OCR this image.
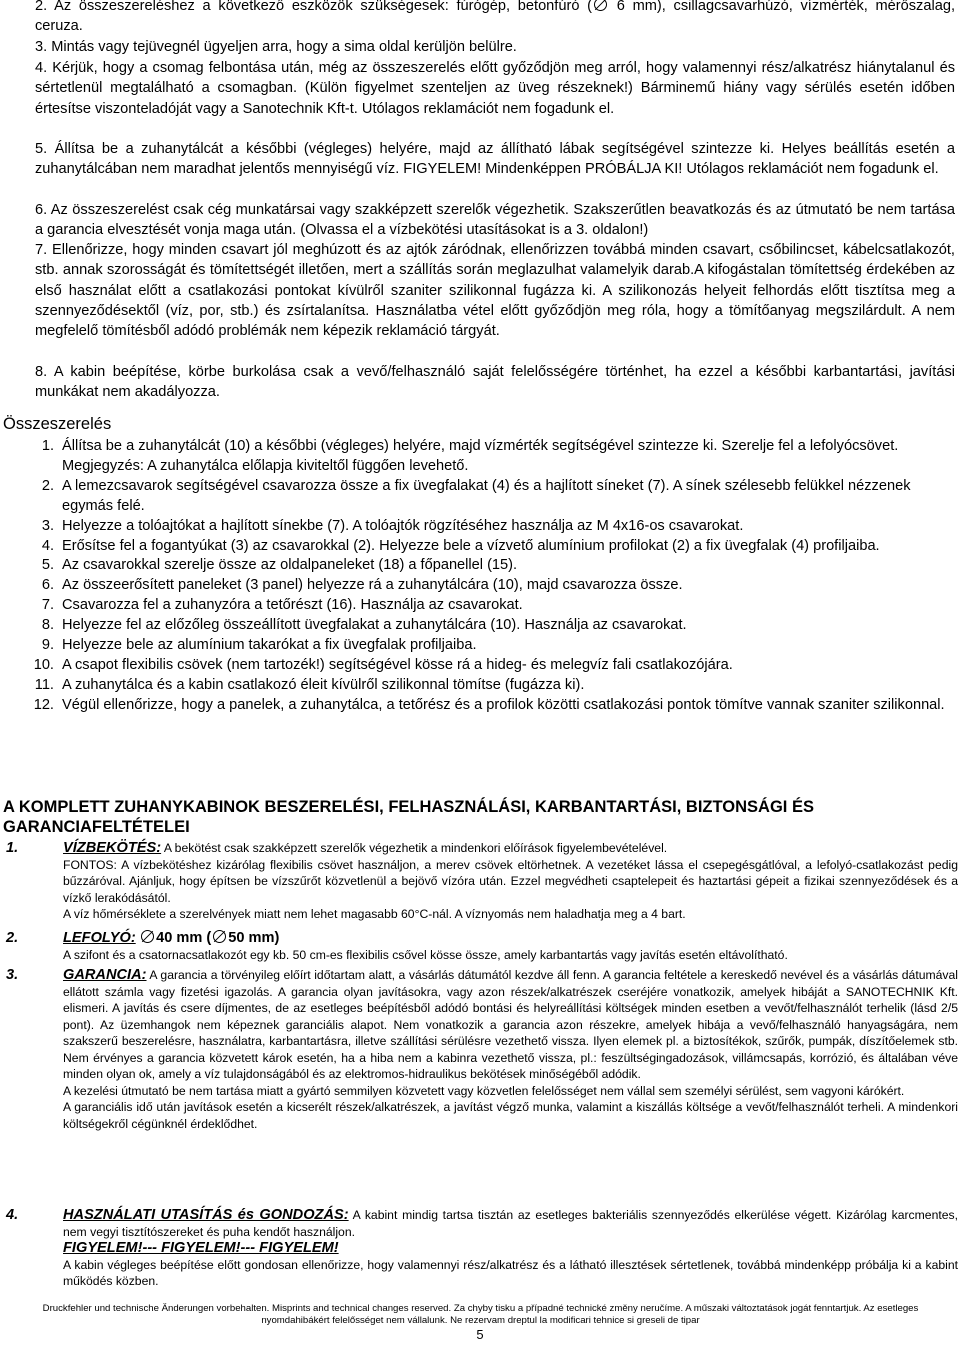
2. Az összeszereléshez a következő eszközök szükségesek: fúrógép, betonfúró ( 6 mm), csillagcsavarhúzó, vízmérték, mérőszalag, ceruza.

3. Mintás vagy tejüvegnél ügyeljen arra, hogy a sima oldal kerüljön belülre.

4. Kérjük, hogy a csomag felbontása után, még az összeszerelés előtt győződjön meg arról, hogy valamennyi rész/alkatrész hiánytalanul és sértetlenül megtalálható a csomagban. (Külön figyelmet szenteljen az üveg részeknek!) Bárminemű hiány vagy sérülés esetén időben értesítse viszonteladóját vagy a Sanotechnik Kft-t. Utólagos reklamációt nem fogadunk el.

5. Állítsa be a zuhanytálcát a későbbi (végleges) helyére, majd az állítható lábak segítségével szintezze ki. Helyes beállítás esetén a zuhanytálcában nem maradhat jelentős mennyiségű víz. FIGYELEM! Mindenképpen PRÓBÁLJA KI! Utólagos reklamációt nem fogadunk el.

6. Az összeszerelést csak cég munkatársai vagy szakképzett szerelők végezhetik. Szakszerűtlen beavatkozás és az útmutató be nem tartása a garancia elvesztését vonja maga után. (Olvassa el a vízbekötési utasításokat is a 3. oldalon!)

7. Ellenőrizze, hogy minden csavart jól meghúzott és az ajtók záródnak, ellenőrizzen továbbá minden csavart, csőbilincset, kábelcsatlakozót, stb. annak szorosságát és tömítettségét illetően, mert a szállítás során meglazulhat valamelyik darab.A kifogástalan tömítettség érdekében az első használat előtt a csatlakozási pontokat kívülről szaniter szilikonnal fugázza ki. A szilikonozás helyeit felhordás előtt tisztítsa meg a szennyeződésektől (víz, por, stb.) és zsírtalanítsa. Használatba vétel előtt győződjön meg róla, hogy a tömítőanyag megszilárdult. A nem megfelelő tömítésből adódó problémák nem képezik reklamáció tárgyát.

8. A kabin beépítése, körbe burkolása csak a vevő/felhasználó saját felelősségére történhet, ha ezzel a későbbi karbantartási, javítási munkákat nem akadályozza.

Összeszerelés
1. Állítsa be a zuhanytálcát (10) a későbbi (végleges) helyére, majd vízmérték segítségével szintezze ki. Szerelje fel a lefolyócsövet.
Megjegyzés: A zuhanytálca előlapja kiviteltől függően levehető.
2. A lemezcsavarok segítségével csavarozza össze a fix üvegfalakat (4) és a hajlított síneket (7). A sínek szélesebb felükkel nézzenek egymás felé.
3. Helyezze a tolóajtókat a hajlított sínekbe (7). A tolóajtók rögzítéséhez használja az M 4x16-os csavarokat.
4. Erősítse fel a fogantyúkat (3) az csavarokkal (2). Helyezze bele a vízvető alumínium profilokat (2) a fix üvegfalak (4) profiljaiba.
5. Az csavarokkal szerelje össze az oldalpaneleket (18) a főpanellel (15).
6. Az összeerősített paneleket (3 panel) helyezze rá a zuhanytálcára (10), majd csavarozza össze.
7. Csavarozza fel a zuhanyzóra a tetőrészt (16). Használja az csavarokat.
8. Helyezze fel az előzőleg összeállított üvegfalakat a zuhanytálcára (10). Használja az csavarokat.
9. Helyezze bele az alumínium takarókat a fix üvegfalak profiljaiba.
10. A csapot flexibilis csövek (nem tartozék!) segítségével kösse rá a hideg- és melegvíz fali csatlakozójára.
11. A zuhanytálca és a kabin csatlakozó éleit kívülről szilikonnal tömítse (fugázza ki).
12. Végül ellenőrizze, hogy a panelek, a zuhanytálca, a tetőrész és a profilok közötti csatlakozási pontok tömítve vannak szaniter szilikonnal.
A KOMPLETT ZUHANYKABINOK BESZERELÉSI, FELHASZNÁLÁSI, KARBANTARTÁSI, BIZTONSÁGI ÉS GARANCIAFELTÉTELEI
1.	VÍZBEKÖTÉS: A bekötést csak szakképzett szerelők végezhetik a mindenkori előírások figyelembevételével.
FONTOS: A vízbekötéshez kizárólag flexibilis csövet használjon, a merev csövek eltörhetnek. A vezetéket lássa el csepegésgátlóval, a lefolyó-csatlakozást pedig bűzzáróval. Ajánljuk, hogy építsen be vízszűrőt közvetlenül a bejövő vízóra után. Ezzel megvédheti csaptelepeit és haztartási gépeit a fizikai szennyeződések és a vízkő lerakódásától.
A víz hőmérséklete a szerelvények miatt nem lehet magasabb 60°C-nál. A víznyomás nem haladhatja meg a 4 bart.
2.	LEFOLYÓ: 40 mm ( 50 mm)
A szifont és a csatornacsatlakozót egy kb. 50 cm-es flexibilis csővel kösse össze, amely karbantartás vagy javítás esetén eltávolítható.
3.	GARANCIA: A garancia a törvényileg előírt időtartam alatt, a vásárlás dátumától kezdve áll fenn. A garancia feltétele a kereskedő nevével és a vásárlás dátumával ellátott számla vagy fizetési igazolás. A garancia olyan javításokra, vagy azon részek/alkatrészek cseréjére vonatkozik, amelyek hibáját a SANOTECHNIK Kft. elismeri. A javítás és csere díjmentes, de az esetleges beépítésből adódó bontási és helyreállítási költségek minden esetben a vevőt/felhasználót terhelik (lásd 2/5 pont). Az üzemhangok nem képeznek garanciális alapot. Nem vonatkozik a garancia azon részekre, amelyek hibája a vevő/felhasználó hanyagságára, nem szakszerű beszerelésre, használatra, karbantartásra, illetve szállítási sérülésre vezethető vissza. Ilyen elemek pl. a biztosítékok, szűrők, pumpák, díszítőelemek stb. Nem érvényes a garancia közvetett károk esetén, ha a hiba nem a kabinra vezethető vissza, pl.: feszültségingadozások, villámcsapás, korrózió, és általában véve minden olyan ok, amely a víz tulajdonságából és az elektromos-hidraulikus bekötések minőségéből adódik.
A kezelési útmutató be nem tartása miatt a gyártó semmilyen közvetett vagy közvetlen felelősséget nem vállal sem személyi sérülést, sem vagyoni kárókért.
A garanciális idő után javítások esetén a kicserélt részek/alkatrészek, a javítást végző munka, valamint a kiszállás költsége a vevőt/felhasználót terheli. A mindenkori költségekről cégünknél érdeklődhet.
4.	HASZNÁLATI UTASÍTÁS és GONDOZÁS: A kabint mindig tartsa tisztán az esetleges bakteriális szennyeződés elkerülése végett. Kizárólag karcmentes, nem vegyi tisztítószereket és puha kendőt használjon.
FIGYELEM!--- FIGYELEM!--- FIGYELEM!
A kabin végleges beépítése előtt gondosan ellenőrizze, hogy valamennyi rész/alkatrész és a látható illesztések sértetlenek, továbbá mindenképp próbálja ki a kabint működés közben.
Druckfehler und technische Änderungen vorbehalten. Misprints and technical changes reserved. Za chyby tisku a případné technické změny neručíme. A műszaki változtatások jogát fenntartjuk. Az esetleges
nyomdahibákért felelősséget nem vállalunk. Ne rezervam dreptul la modificari tehnice si greseli de tipar
5
